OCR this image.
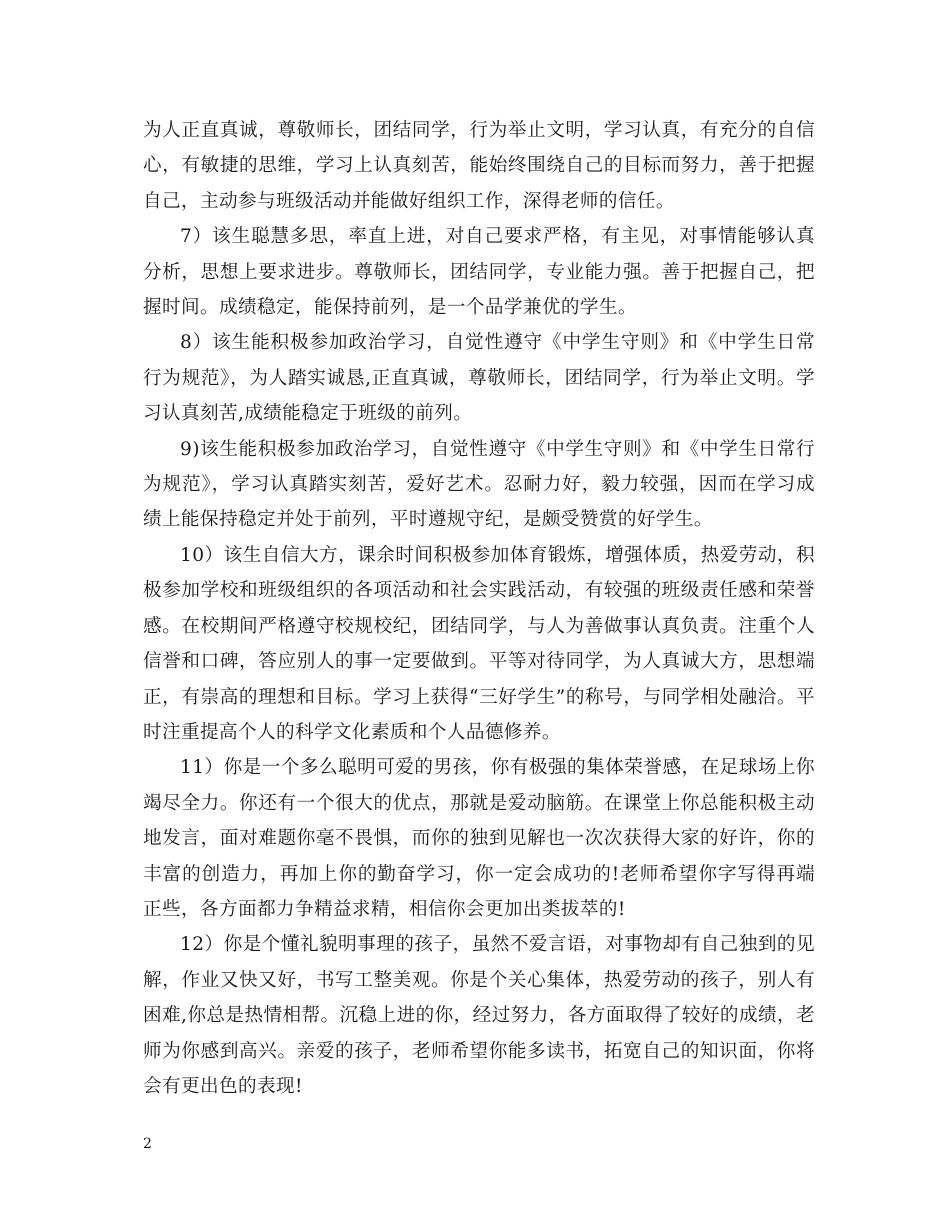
为人正直真诚，尊敬师长，团结同学，行为举止文明，学习认真，有充分的自信心，有敏捷的思维，学习上认真刻苦，能始终围绕自己的目标而努力，善于把握自己，主动参与班级活动并能做好组织工作，深得老师的信任。

7）该生聪慧多思，率直上进，对自己要求严格，有主见，对事情能够认真分析，思想上要求进步。尊敬师长，团结同学，专业能力强。善于把握自己，把握时间。成绩稳定，能保持前列，是一个品学兼优的学生。

8）该生能积极参加政治学习，自觉性遵守《中学生守则》和《中学生日常行为规范》，为人踏实诚恳,正直真诚，尊敬师长，团结同学，行为举止文明。学习认真刻苦,成绩能稳定于班级的前列。

9)该生能积极参加政治学习，自觉性遵守《中学生守则》和《中学生日常行为规范》，学习认真踏实刻苦，爱好艺术。忍耐力好，毅力较强，因而在学习成绩上能保持稳定并处于前列，平时遵规守纪，是颇受赞赏的好学生。

10）该生自信大方，课余时间积极参加体育锻炼，增强体质，热爱劳动，积极参加学校和班级组织的各项活动和社会实践活动，有较强的班级责任感和荣誉感。在校期间严格遵守校规校纪，团结同学，与人为善做事认真负责。注重个人信誉和口碑，答应别人的事一定要做到。平等对待同学，为人真诚大方，思想端正，有崇高的理想和目标。学习上获得“三好学生”的称号，与同学相处融洽。平时注重提高个人的科学文化素质和个人品德修养。

11）你是一个多么聪明可爱的男孩，你有极强的集体荣誉感，在足球场上你竭尽全力。你还有一个很大的优点，那就是爱动脑筋。在课堂上你总能积极主动地发言，面对难题你毫不畏惧，而你的独到见解也一次次获得大家的好许，你的丰富的创造力，再加上你的勤奋学习，你一定会成功的!老师希望你字写得再端正些，各方面都力争精益求精，相信你会更加出类拔萃的!

12）你是个懂礼貌明事理的孩子，虽然不爱言语，对事物却有自己独到的见解，作业又快又好，书写工整美观。你是个关心集体，热爱劳动的孩子，别人有困难,你总是热情相帮。沉稳上进的你，经过努力，各方面取得了较好的成绩，老师为你感到高兴。亲爱的孩子，老师希望你能多读书，拓宽自己的知识面，你将会有更出色的表现!

2
